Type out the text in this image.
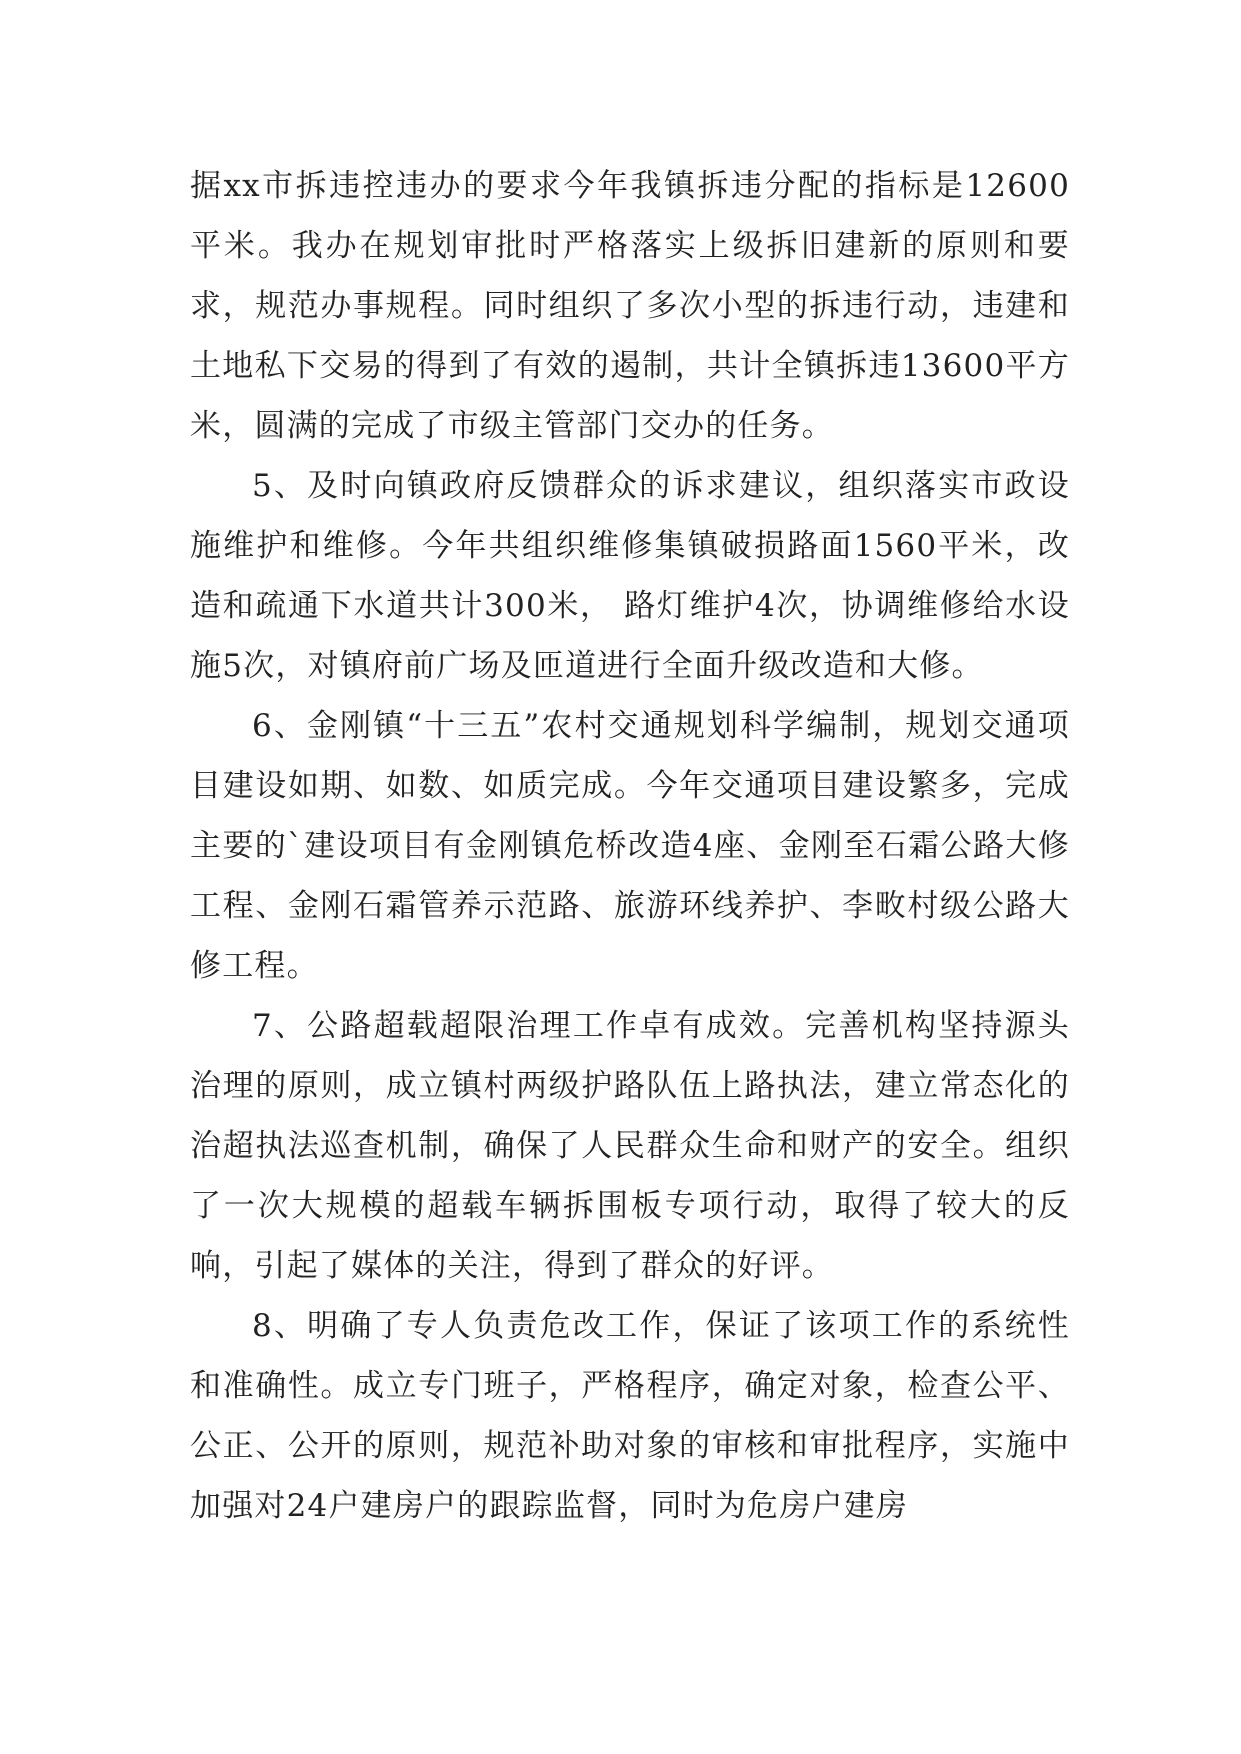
据xx市拆违控违办的要求今年我镇拆违分配的指标是12600平米。我办在规划审批时严格落实上级拆旧建新的原则和要求，规范办事规程。同时组织了多次小型的拆违行动，违建和土地私下交易的得到了有效的遏制，共计全镇拆违13600平方米，圆满的完成了市级主管部门交办的任务。

5、及时向镇政府反馈群众的诉求建议，组织落实市政设施维护和维修。今年共组织维修集镇破损路面1560平米，改造和疏通下水道共计300米， 路灯维护4次，协调维修给水设施5次，对镇府前广场及匝道进行全面升级改造和大修。

6、金刚镇“十三五”农村交通规划科学编制，规划交通项目建设如期、如数、如质完成。今年交通项目建设繁多，完成主要的`建设项目有金刚镇危桥改造4座、金刚至石霜公路大修工程、金刚石霜管养示范路、旅游环线养护、李畋村级公路大修工程。

7、公路超载超限治理工作卓有成效。完善机构坚持源头治理的原则，成立镇村两级护路队伍上路执法，建立常态化的治超执法巡查机制，确保了人民群众生命和财产的安全。组织了一次大规模的超载车辆拆围板专项行动，取得了较大的反响，引起了媒体的关注，得到了群众的好评。

8、明确了专人负责危改工作，保证了该项工作的系统性和准确性。成立专门班子，严格程序，确定对象，检查公平、公正、公开的原则，规范补助对象的审核和审批程序，实施中加强对24户建房户的跟踪监督，同时为危房户建房
